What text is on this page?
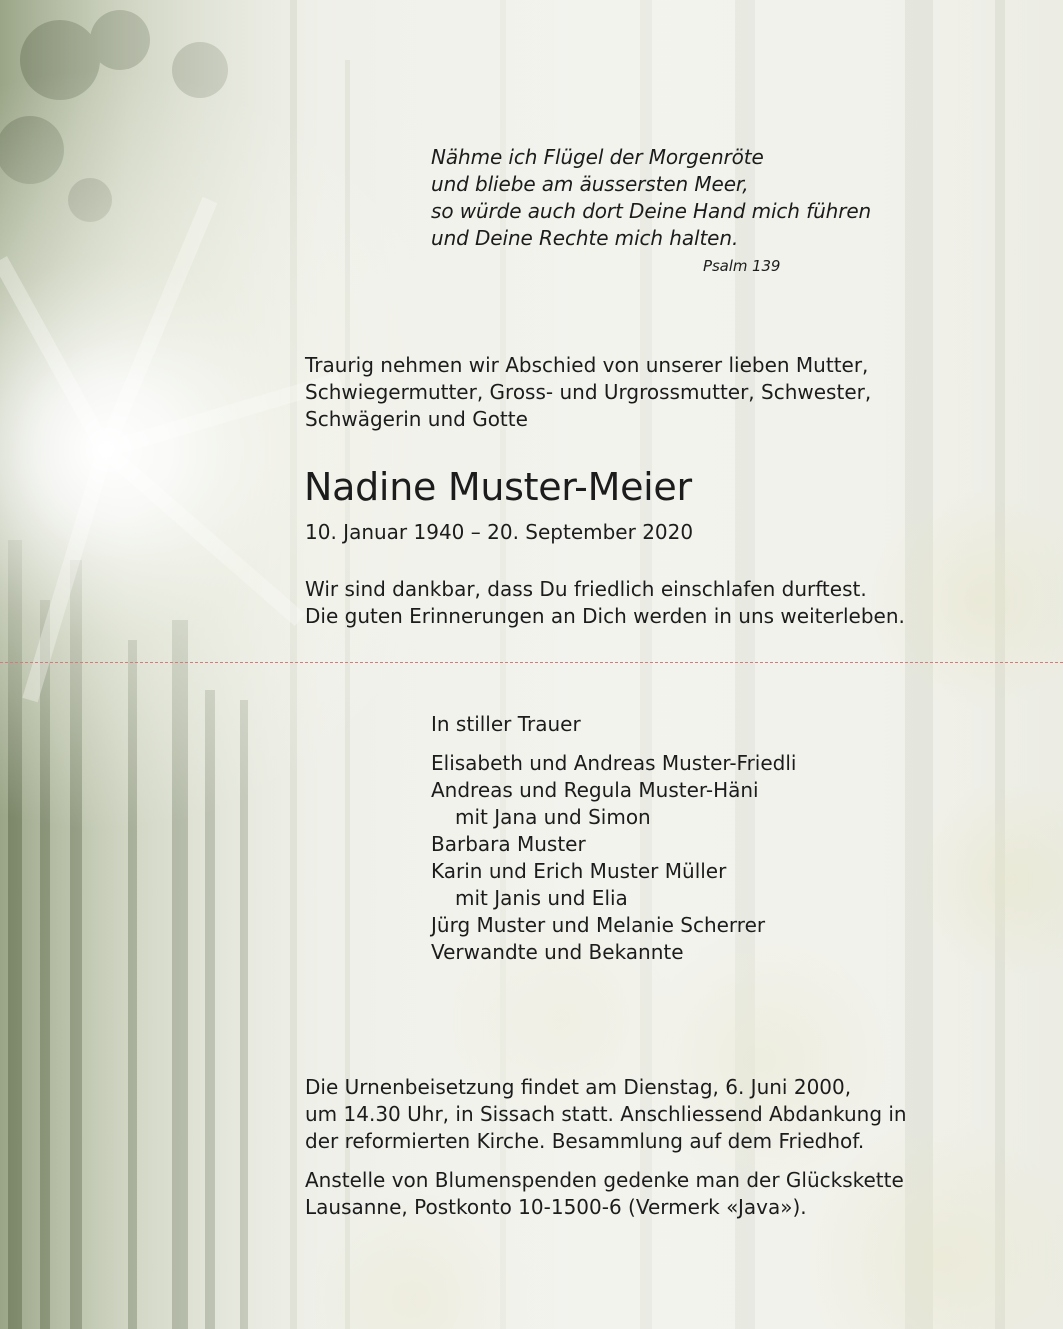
Nähme ich Flügel der Morgenröte
und bliebe am äussersten Meer,
so würde auch dort Deine Hand mich führen
und Deine Rechte mich halten.
Psalm 139
Traurig nehmen wir Abschied von unserer lieben Mutter,
Schwiegermutter, Gross- und Urgrossmutter, Schwester,
Schwägerin und Gotte
Nadine Muster-Meier
10. Januar 1940 – 20. September 2020
Wir sind dankbar, dass Du friedlich einschlafen durftest.
Die guten Erinnerungen an Dich werden in uns weiterleben.
In stiller Trauer
Elisabeth und Andreas Muster-Friedli
Andreas und Regula Muster-Häni
mit Jana und Simon
Barbara Muster
Karin und Erich Muster Müller
mit Janis und Elia
Jürg Muster und Melanie Scherrer
Verwandte und Bekannte
Die Urnenbeisetzung findet am Dienstag, 6. Juni 2000,
um 14.30 Uhr, in Sissach statt. Anschliessend Abdankung in
der reformierten Kirche. Besammlung auf dem Friedhof.
Anstelle von Blumenspenden gedenke man der Glückskette
Lausanne, Postkonto 10-1500-6 (Vermerk «Java»).
